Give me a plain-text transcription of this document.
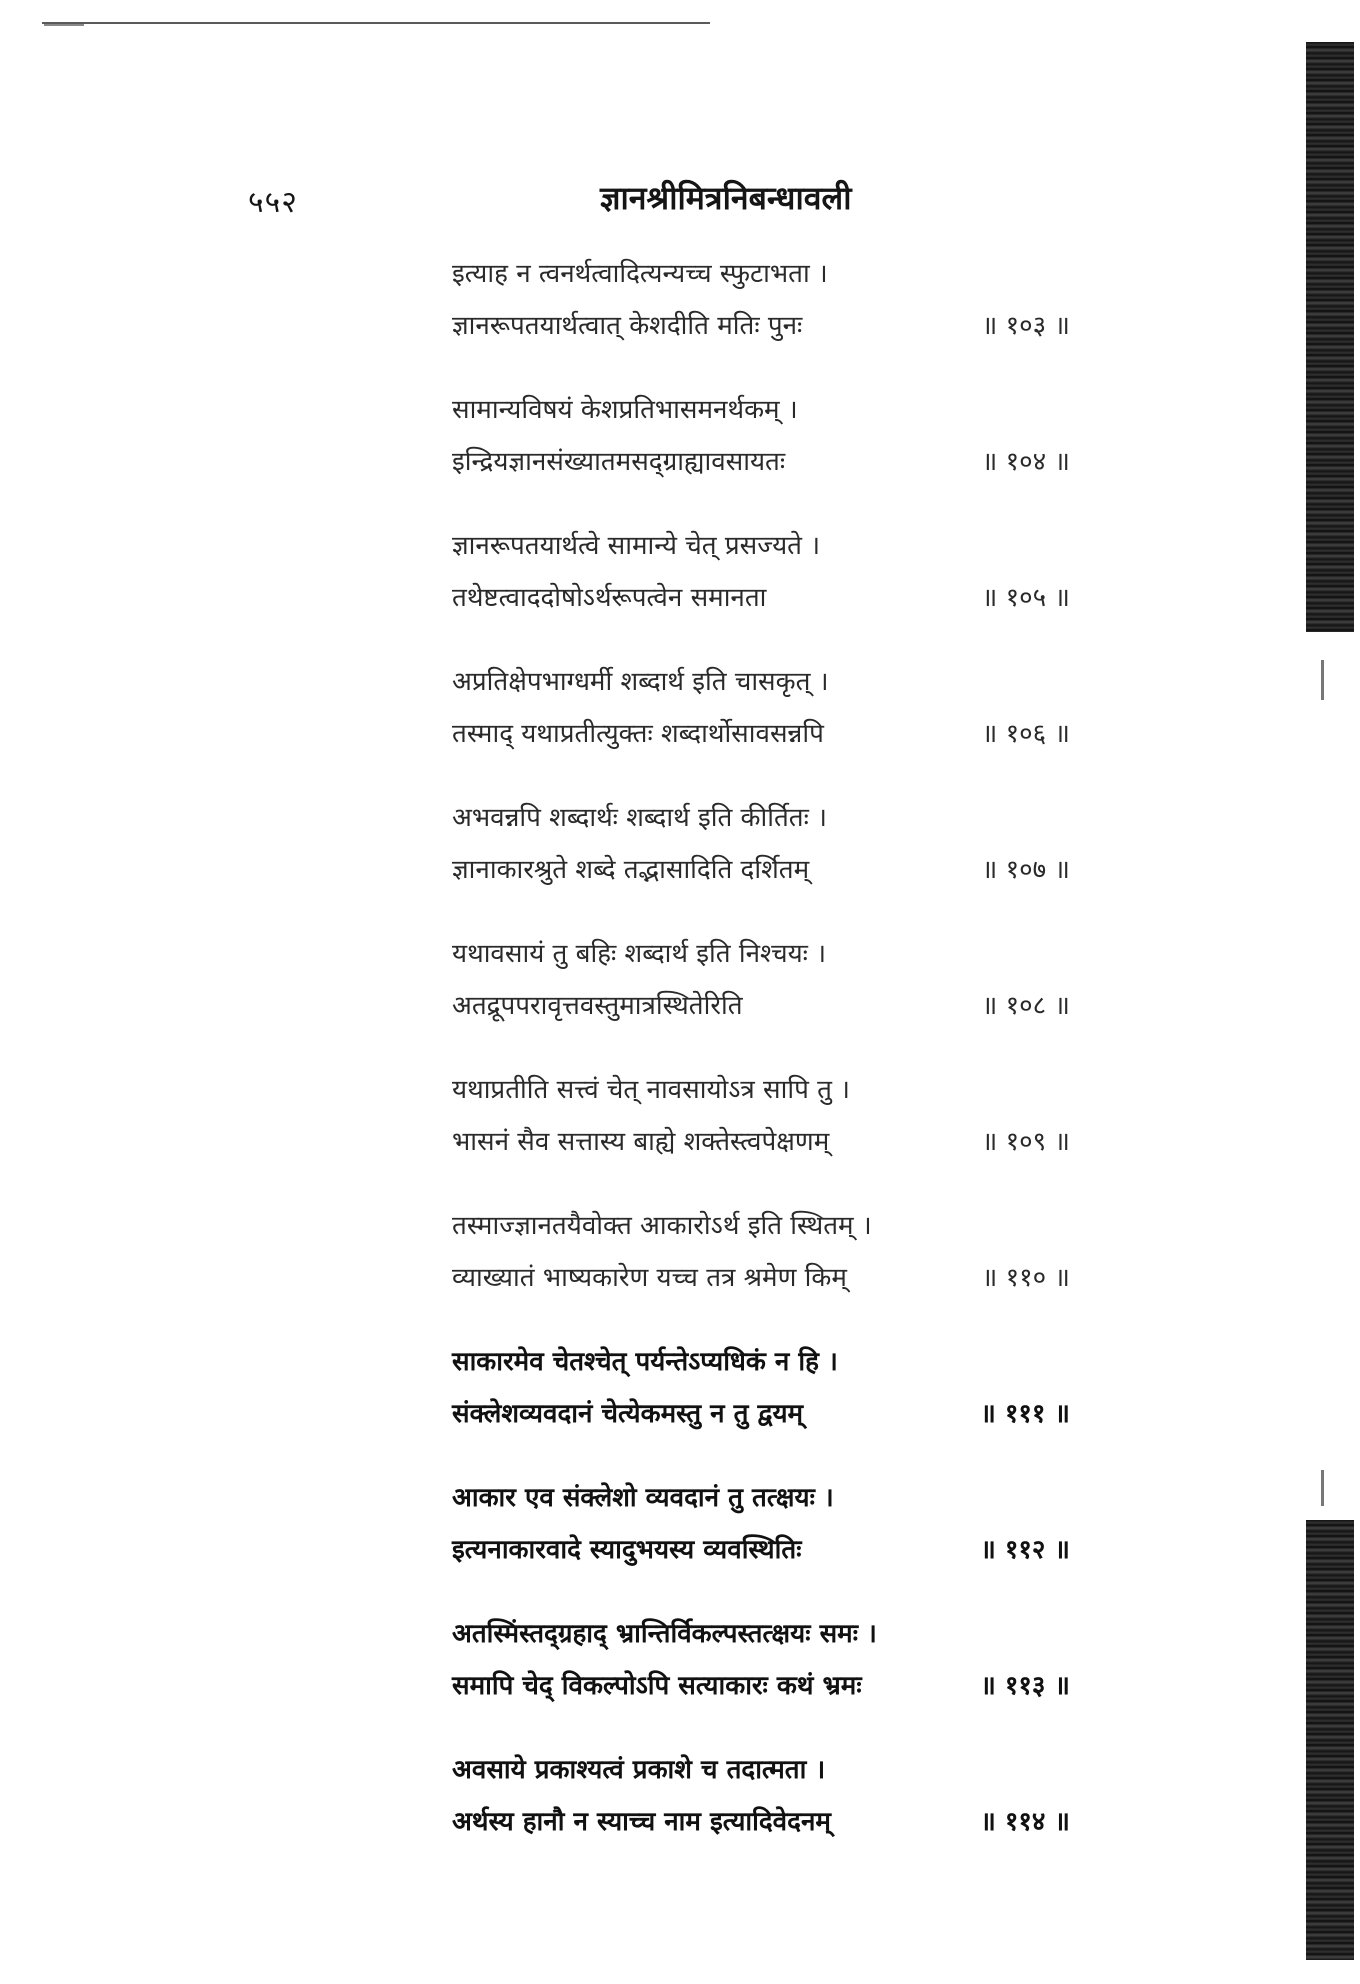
५५२	ज्ञानश्रीमित्रनिबन्धावली
इत्याह न त्वनर्थत्वादित्यन्यच्च स्फुटाभता ।
ज्ञानरूपतयार्थत्वात् केशदीति मतिः पुनः	॥ १०३ ॥
सामान्यविषयं केशप्रतिभासमनर्थकम् ।
इन्द्रियज्ञानसंख्यातमसद्ग्राह्यावसायतः	॥ १०४ ॥
ज्ञानरूपतयार्थत्वे सामान्ये चेत् प्रसज्यते ।
तथेष्टत्वाददोषोऽर्थरूपत्वेन समानता	॥ १०५ ॥
अप्रतिक्षेपभाग्धर्मी शब्दार्थ इति चासकृत् ।
तस्माद् यथाप्रतीत्युक्तः शब्दार्थोसावसन्नपि	॥ १०६ ॥
अभवन्नपि शब्दार्थः शब्दार्थ इति कीर्तितः ।
ज्ञानाकारश्रुते शब्दे तद्भासादिति दर्शितम्	॥ १०७ ॥
यथावसायं तु बहिः शब्दार्थ इति निश्चयः ।
अतद्रूपपरावृत्तवस्तुमात्रस्थितेरिति	॥ १०८ ॥
यथाप्रतीति सत्त्वं चेत् नावसायोऽत्र सापि तु ।
भासनं सैव सत्तास्य बाह्ये शक्तेस्त्वपेक्षणम्	॥ १०९ ॥
तस्माज्ज्ञानतयैवोक्त आकारोऽर्थ इति स्थितम् ।
व्याख्यातं भाष्यकारेण यच्च तत्र श्रमेण किम्	॥ ११० ॥
साकारमेव चेतश्चेत् पर्यन्तेऽप्यधिकं न हि ।
संक्लेशव्यवदानं चेत्येकमस्तु न तु द्वयम्	॥ १११ ॥
आकार एव संक्लेशो व्यवदानं तु तत्क्षयः ।
इत्यनाकारवादे स्यादुभयस्य व्यवस्थितिः	॥ ११२ ॥
अतस्मिंस्तद्ग्रहाद् भ्रान्तिर्विकल्पस्तत्क्षयः समः ।
समापि चेद् विकल्पोऽपि सत्याकारः कथं भ्रमः	॥ ११३ ॥
अवसाये प्रकाश्यत्वं प्रकाशे च तदात्मता ।
अर्थस्य हानौ न स्याच्च नाम इत्यादिवेदनम्	॥ ११४ ॥
